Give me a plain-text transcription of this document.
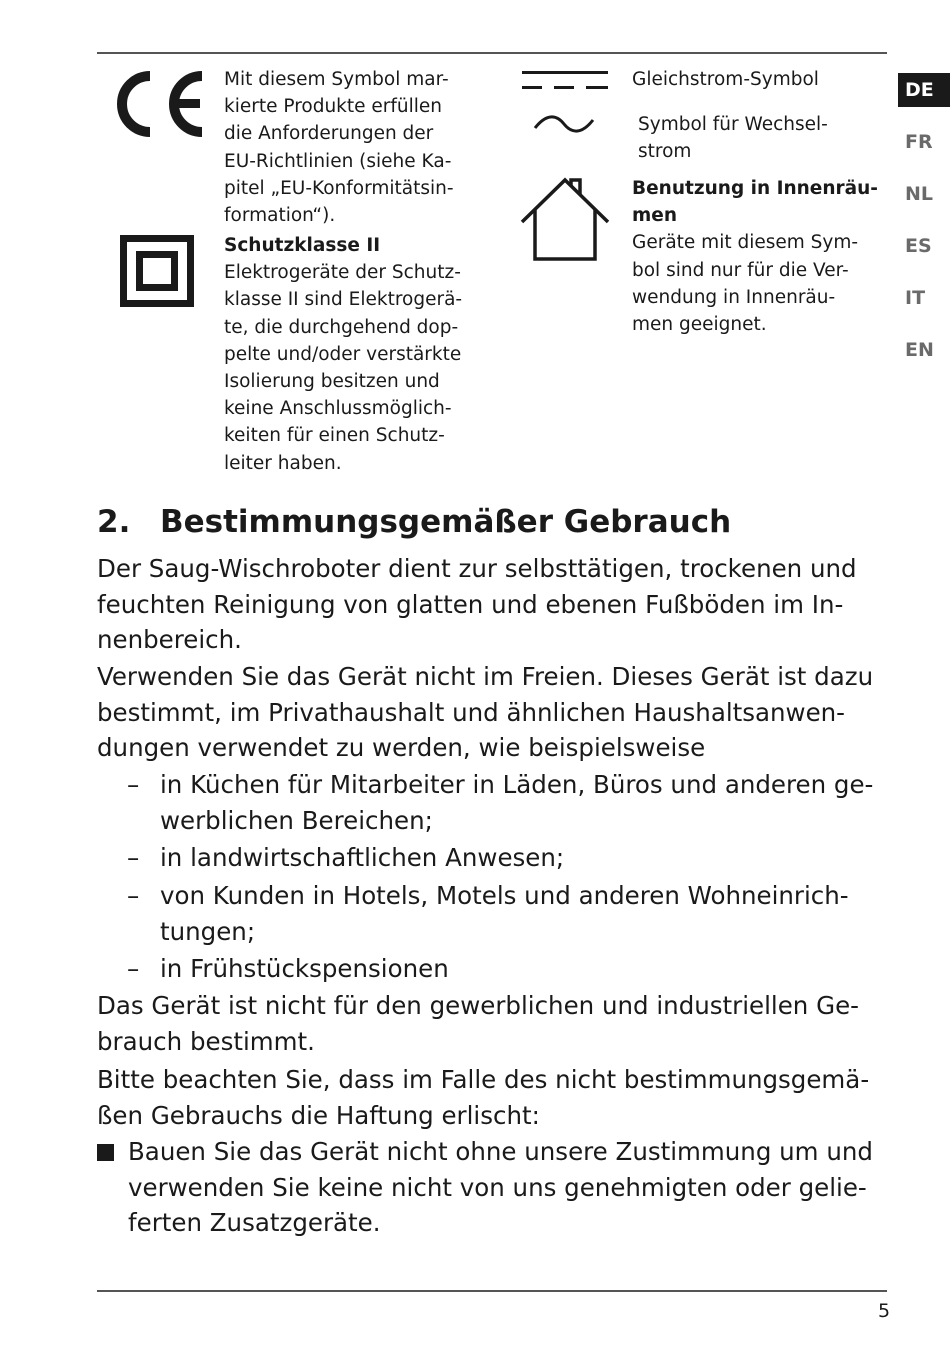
DE
FR
NL
ES
IT
EN
Mit diesem Symbol mar-
kierte Produkte erfüllen
die Anforderungen der
EU-Richtlinien (siehe Ka-
pitel „EU-Konformitätsin-
formation“).
Schutzklasse II
Elektrogeräte der Schutz-
klasse II sind Elektrogerä-
te, die durchgehend dop-
pelte und/oder verstärkte
Isolierung besitzen und
keine Anschlussmöglich-
keiten für einen Schutz-
leiter haben.
Gleichstrom-Symbol
Symbol für Wechsel-
strom
Benutzung in Innenräu-
men
Geräte mit diesem Sym-
bol sind nur für die Ver-
wendung in Innenräu-
men geeignet.
2. Bestimmungsgemäßer Gebrauch
Der Saug-Wischroboter dient zur selbsttätigen, trockenen und
feuchten Reinigung von glatten und ebenen Fußböden im In-
nenbereich.
Verwenden Sie das Gerät nicht im Freien. Dieses Gerät ist dazu
bestimmt, im Privathaushalt und ähnlichen Haushaltsanwen-
dungen verwendet zu werden, wie beispielsweise
– in Küchen für Mitarbeiter in Läden, Büros und anderen ge-
werblichen Bereichen;
– in landwirtschaftlichen Anwesen;
– von Kunden in Hotels, Motels und anderen Wohneinrich-
tungen;
– in Frühstückspensionen
Das Gerät ist nicht für den gewerblichen und industriellen Ge-
brauch bestimmt.
Bitte beachten Sie, dass im Falle des nicht bestimmungsgemä-
ßen Gebrauchs die Haftung erlischt:
Bauen Sie das Gerät nicht ohne unsere Zustimmung um und
verwenden Sie keine nicht von uns genehmigten oder gelie-
ferten Zusatzgeräte.
5
